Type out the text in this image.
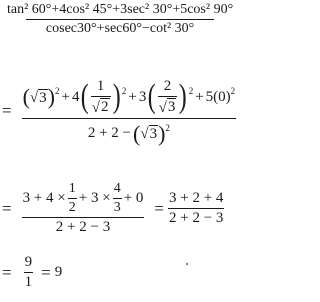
$\frac{\text{tan² 60°+4cos² 45°+3sec² 30°+5cos² 90°}}{\text{cosec30°+sec60°−cot² 30°}}$
=
( √ 3 ) 2 + 4 ( $\frac{1}{√ 2}$ ) 2 + 3 ( $\frac{2}{√ 3}$ ) 2 + 5 ( 0 ) 2
2 + 2 − ( √ 3 ) 2
= $\frac{3 + 4 \times \frac{1}{2} + 3 \times \frac{4}{3} + 0}{2 + 2 - 3} = \frac{3 + 2 + 4}{2 + 2 - 3}$
= $\frac{9}{1} = 9$
